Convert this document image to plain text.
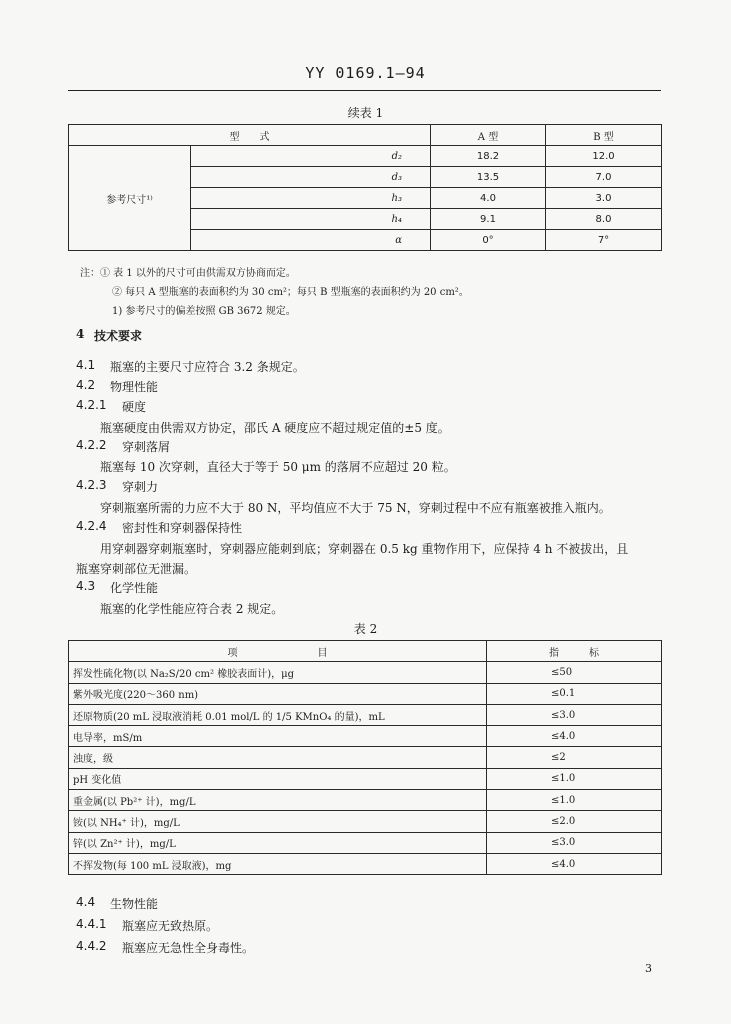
YY 0169.1—94
续表 1
型　　式		A 型	B 型
参考尺寸¹⁾	d₂	18.2	12.0
	d₃	13.5	7.0
	h₃	4.0	3.0
	h₄	9.1	8.0
	α	0°	7°
注：① 表 1 以外的尺寸可由供需双方协商而定。
② 每只 A 型瓶塞的表面积约为 30 cm²；每只 B 型瓶塞的表面积约为 20 cm²。
1) 参考尺寸的偏差按照 GB 3672 规定。
4 技术要求
4.1 瓶塞的主要尺寸应符合 3.2 条规定。
4.2 物理性能
4.2.1 硬度
瓶塞硬度由供需双方协定，邵氏 A 硬度应不超过规定值的±5 度。
4.2.2 穿刺落屑
瓶塞每 10 次穿刺，直径大于等于 50 μm 的落屑不应超过 20 粒。
4.2.3 穿刺力
穿刺瓶塞所需的力应不大于 80 N，平均值应不大于 75 N，穿刺过程中不应有瓶塞被推入瓶内。
4.2.4 密封性和穿刺器保持性
用穿刺器穿刺瓶塞时，穿刺器应能刺到底；穿刺器在 0.5 kg 重物作用下，应保持 4 h 不被拔出，且
瓶塞穿刺部位无泄漏。
4.3 化学性能
瓶塞的化学性能应符合表 2 规定。
表 2
项　　　　　　　　目	指　　　标
挥发性硫化物(以 Na₂S/20 cm² 橡胶表面计)，μg	≤50
紫外吸光度(220～360 nm)	≤0.1
还原物质(20 mL 浸取液消耗 0.01 mol/L 的 1/5 KMnO₄ 的量)，mL	≤3.0
电导率，mS/m	≤4.0
浊度，级	≤2
pH 变化值	≤1.0
重金属(以 Pb²⁺ 计)，mg/L	≤1.0
铵(以 NH₄⁺ 计)，mg/L	≤2.0
锌(以 Zn²⁺ 计)，mg/L	≤3.0
不挥发物(每 100 mL 浸取液)，mg	≤4.0
4.4 生物性能
4.4.1 瓶塞应无致热原。
4.4.2 瓶塞应无急性全身毒性。
3
